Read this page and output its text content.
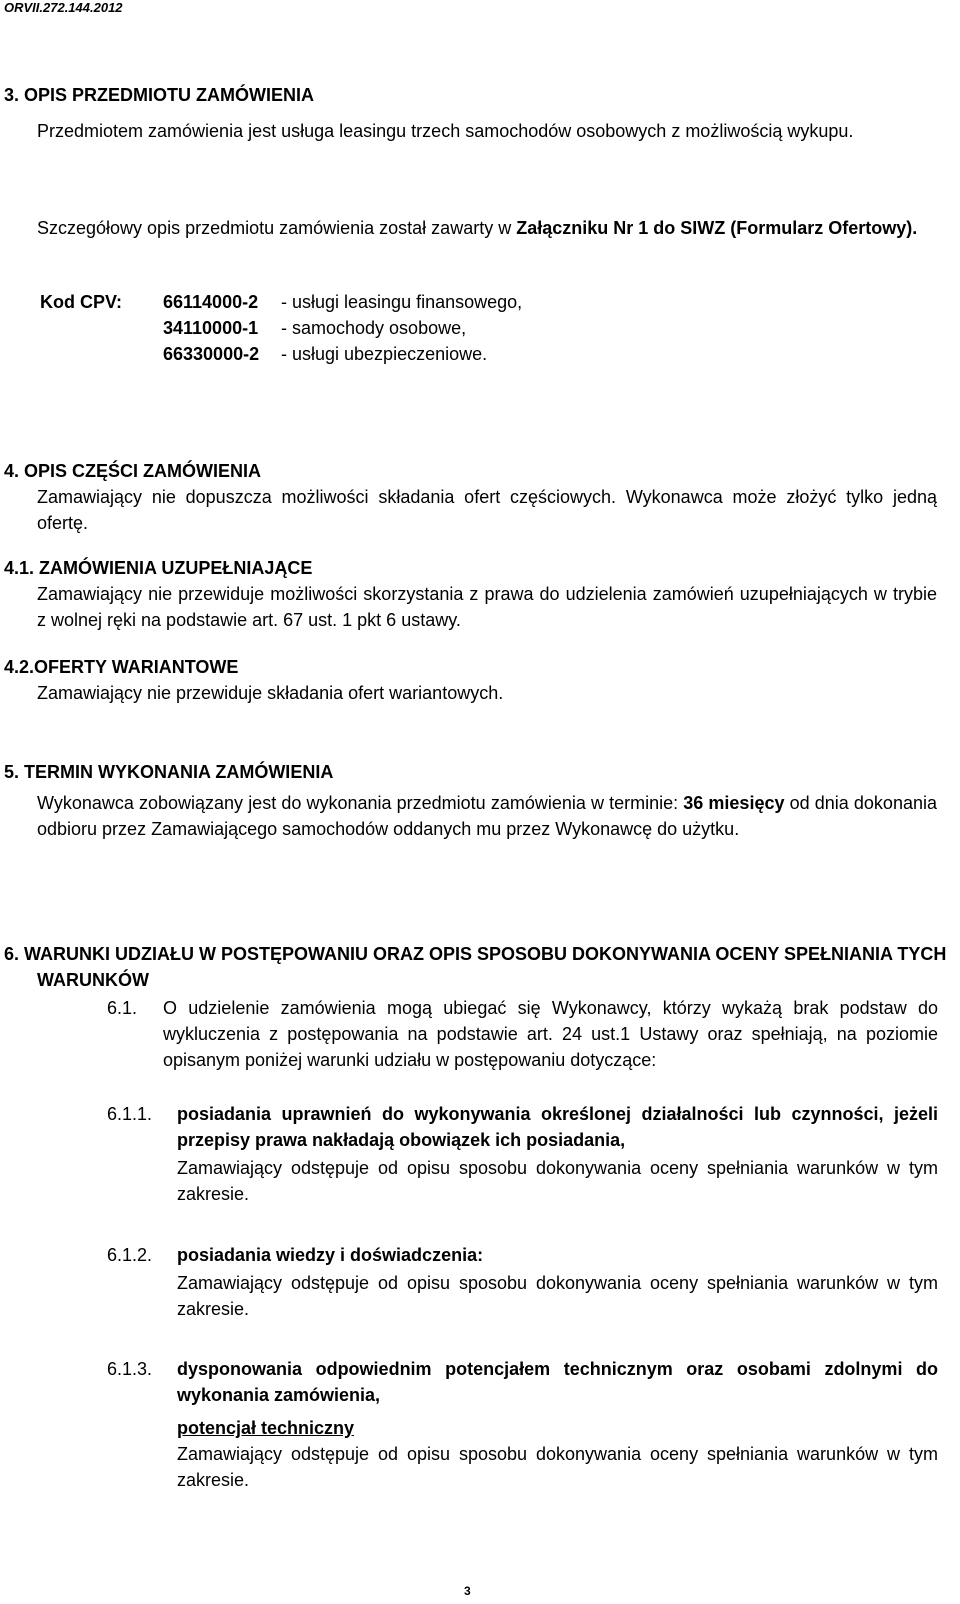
ORVII.272.144.2012
3. OPIS PRZEDMIOTU ZAMÓWIENIA
Przedmiotem zamówienia jest usługa leasingu trzech samochodów osobowych z możliwością wykupu.
Szczegółowy opis przedmiotu zamówienia został zawarty w Załączniku Nr 1 do SIWZ (Formularz Ofertowy).
Kod CPV: 66114000-2 - usługi leasingu finansowego,
34110000-1 - samochody osobowe,
66330000-2 - usługi ubezpieczeniowe.
4. OPIS CZĘŚCI ZAMÓWIENIA
Zamawiający nie dopuszcza możliwości składania ofert częściowych. Wykonawca może złożyć tylko jedną ofertę.
4.1. ZAMÓWIENIA UZUPEŁNIAJĄCE
Zamawiający nie przewiduje możliwości skorzystania z prawa do udzielenia zamówień uzupełniających w trybie z wolnej ręki na podstawie art. 67 ust. 1 pkt 6 ustawy.
4.2.OFERTY WARIANTOWE
Zamawiający nie przewiduje składania ofert wariantowych.
5. TERMIN WYKONANIA ZAMÓWIENIA
Wykonawca zobowiązany jest do wykonania przedmiotu zamówienia w terminie: 36 miesięcy od dnia dokonania odbioru przez Zamawiającego samochodów oddanych mu przez Wykonawcę do użytku.
6. WARUNKI UDZIAŁU W POSTĘPOWANIU ORAZ OPIS SPOSOBU DOKONYWANIA OCENY SPEŁNIANIA TYCH WARUNKÓW
6.1. O udzielenie zamówienia mogą ubiegać się Wykonawcy, którzy wykażą brak podstaw do wykluczenia z postępowania na podstawie art. 24 ust.1 Ustawy oraz spełniają, na poziomie opisanym poniżej warunki udziału w postępowaniu dotyczące:
6.1.1. posiadania uprawnień do wykonywania określonej działalności lub czynności, jeżeli przepisy prawa nakładają obowiązek ich posiadania,
Zamawiający odstępuje od opisu sposobu dokonywania oceny spełniania warunków w tym zakresie.
6.1.2. posiadania wiedzy i doświadczenia:
Zamawiający odstępuje od opisu sposobu dokonywania oceny spełniania warunków w tym zakresie.
6.1.3. dysponowania odpowiednim potencjałem technicznym oraz osobami zdolnymi do wykonania zamówienia,
potencjał techniczny
Zamawiający odstępuje od opisu sposobu dokonywania oceny spełniania warunków w tym zakresie.
3
